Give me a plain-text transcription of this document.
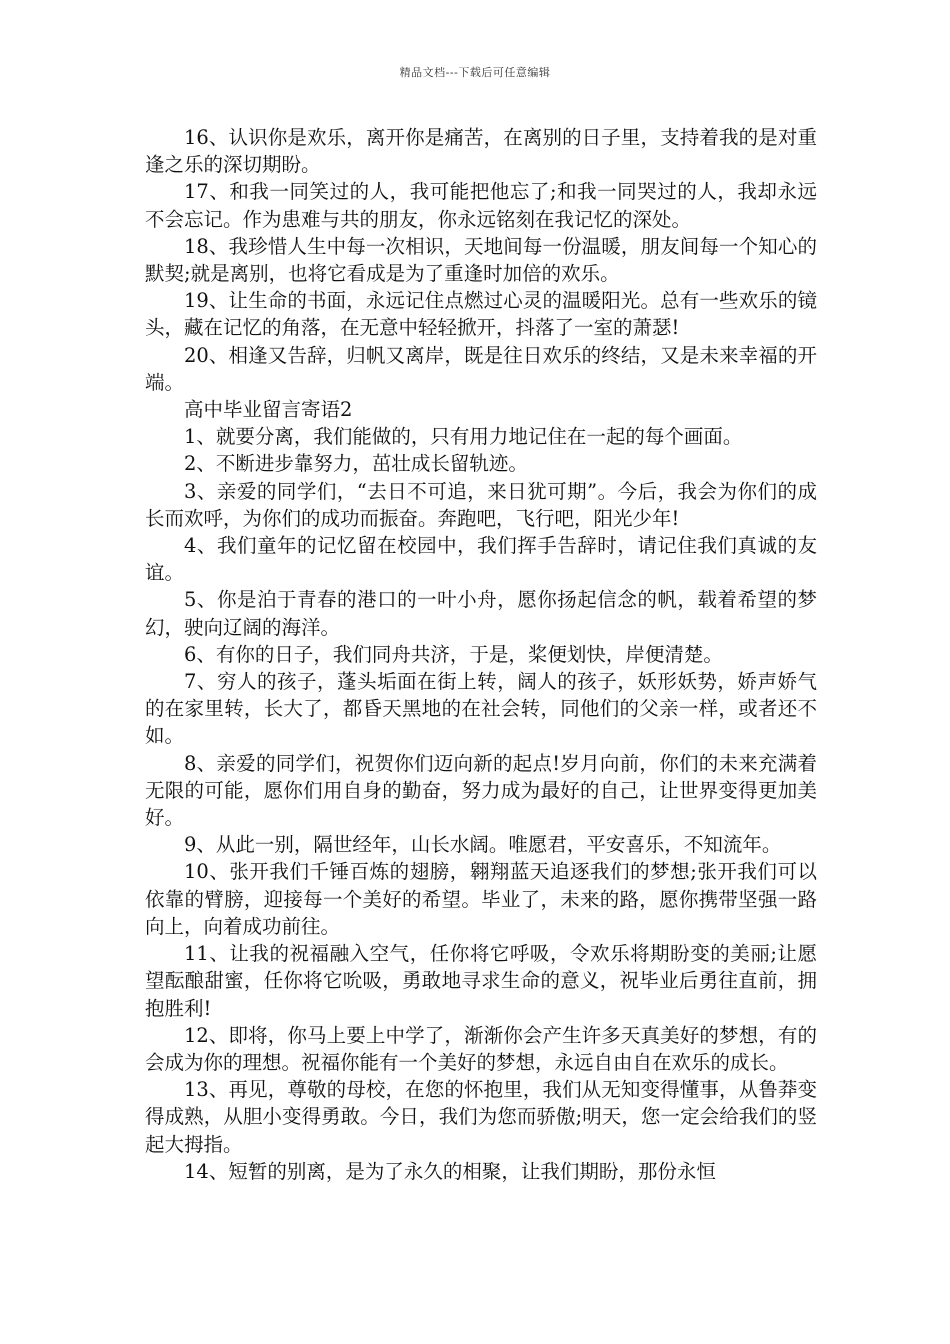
精品文档---下载后可任意编辑

16、认识你是欢乐，离开你是痛苦，在离别的日子里，支持着我的是对重逢之乐的深切期盼。

17、和我一同笑过的人，我可能把他忘了;和我一同哭过的人，我却永远不会忘记。作为患难与共的朋友，你永远铭刻在我记忆的深处。

18、我珍惜人生中每一次相识，天地间每一份温暖，朋友间每一个知心的默契;就是离别，也将它看成是为了重逢时加倍的欢乐。

19、让生命的书面，永远记住点燃过心灵的温暖阳光。总有一些欢乐的镜头，藏在记忆的角落，在无意中轻轻掀开，抖落了一室的萧瑟!

20、相逢又告辞，归帆又离岸，既是往日欢乐的终结，又是未来幸福的开端。

高中毕业留言寄语2

1、就要分离，我们能做的，只有用力地记住在一起的每个画面。

2、不断进步靠努力，茁壮成长留轨迹。

3、亲爱的同学们，“去日不可追，来日犹可期”。今后，我会为你们的成长而欢呼，为你们的成功而振奋。奔跑吧，飞行吧，阳光少年!

4、我们童年的记忆留在校园中，我们挥手告辞时，请记住我们真诚的友谊。

5、你是泊于青春的港口的一叶小舟，愿你扬起信念的帆，载着希望的梦幻，驶向辽阔的海洋。

6、有你的日子，我们同舟共济，于是，桨便划快，岸便清楚。

7、穷人的孩子，蓬头垢面在街上转，阔人的孩子，妖形妖势，娇声娇气的在家里转，长大了，都昏天黑地的在社会转，同他们的父亲一样，或者还不如。

8、亲爱的同学们，祝贺你们迈向新的起点!岁月向前，你们的未来充满着无限的可能，愿你们用自身的勤奋，努力成为最好的自己，让世界变得更加美好。

9、从此一别，隔世经年，山长水阔。唯愿君，平安喜乐，不知流年。

10、张开我们千锤百炼的翅膀，翱翔蓝天追逐我们的梦想;张开我们可以依靠的臂膀，迎接每一个美好的希望。毕业了，未来的路，愿你携带坚强一路向上，向着成功前往。

11、让我的祝福融入空气，任你将它呼吸，令欢乐将期盼变的美丽;让愿望酝酿甜蜜，任你将它吮吸，勇敢地寻求生命的意义，祝毕业后勇往直前，拥抱胜利!

12、即将，你马上要上中学了，渐渐你会产生许多天真美好的梦想，有的会成为你的理想。祝福你能有一个美好的梦想，永远自由自在欢乐的成长。

13、再见，尊敬的母校，在您的怀抱里，我们从无知变得懂事，从鲁莽变得成熟，从胆小变得勇敢。今日，我们为您而骄傲;明天，您一定会给我们的竖起大拇指。

14、短暂的别离，是为了永久的相聚，让我们期盼，那份永恒
